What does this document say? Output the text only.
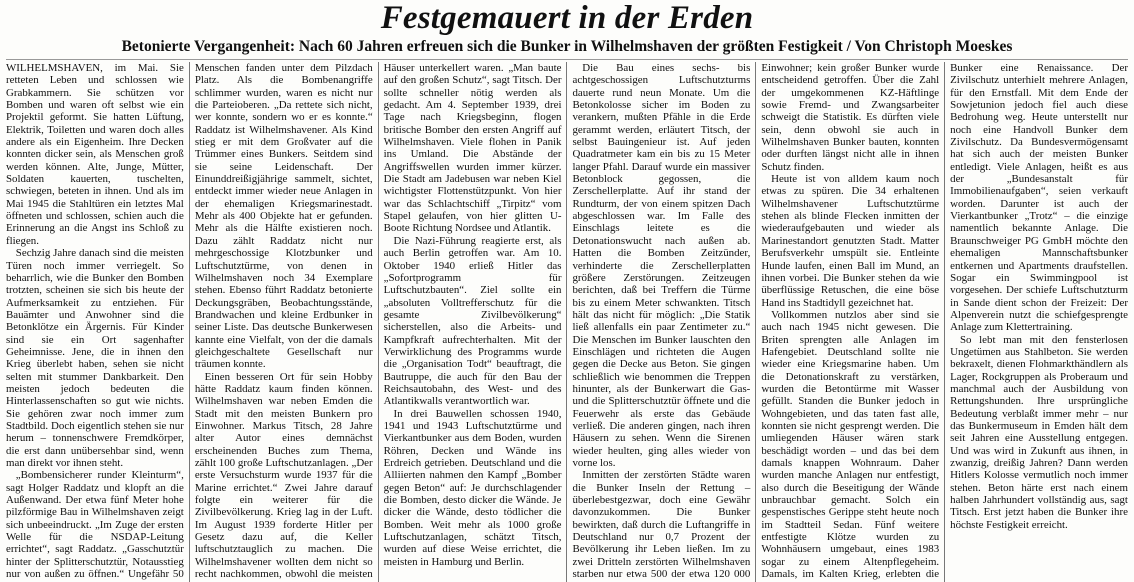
Festgemauert in der Erden
Betonierte Vergangenheit: Nach 60 Jahren erfreuen sich die Bunker in Wilhelmshaven der größten Festigkeit / Von Christoph Moeskes

WILHELMSHAVEN, im Mai. Sie retteten Leben und schlossen wie Grabkammern. Sie schützen vor Bomben und waren oft selbst wie ein Projektil geformt. Sie hatten Lüftung, Elektrik, Toiletten und waren doch alles andere als ein Eigenheim. Ihre Decken konnten dicker sein, als Menschen groß werden können. Alte, Junge, Mütter, Soldaten kauerten, tuschelten, schwiegen, beteten in ihnen. Und als im Mai 1945 die Stahltüren ein letztes Mal öffneten und schlossen, schien auch die Erinnerung an die Angst ins Schloß zu fliegen.

Sechzig Jahre danach sind die meisten Türen noch immer verriegelt. So beharrlich, wie die Bunker den Bomben trotzten, scheinen sie sich bis heute der Aufmerksamkeit zu entziehen. Für Bauämter und Anwohner sind die Betonklötze ein Ärgernis. Für Kinder sind sie ein Ort sagenhafter Geheimnisse. Jene, die in ihnen den Krieg überlebt haben, sehen sie nicht selten mit stummer Dankbarkeit. Den meisten jedoch bedeuten die Hinterlassenschaften so gut wie nichts. Sie gehören zwar noch immer zum Stadtbild. Doch eigentlich stehen sie nur herum – tonnenschwere Fremdkörper, die erst dann unübersehbar sind, wenn man direkt vor ihnen steht.

„Bombensicherer runder Kleinturm“, sagt Holger Raddatz und klopft an die Außenwand. Der etwa fünf Meter hohe pilzförmige Bau in Wilhelmshaven zeigt sich unbeeindruckt. „Im Zuge der ersten Welle für die NSDAP-Leitung errichtet“, sagt Raddatz. „Gasschutztür hinter der Splitterschutztür, Notausstieg nur von außen zu öffnen.“ Ungefähr 50 Menschen fanden unter dem Pilzdach Platz. Als die Bombenangriffe schlimmer wurden, waren es nicht nur die Parteioberen. „Da rettete sich nicht, wer konnte, sondern wo er es konnte.“ Raddatz ist Wilhelmshavener. Als Kind stieg er mit dem Großvater auf die Trümmer eines Bunkers. Seitdem sind sie seine Leidenschaft. Der Einunddreißigjährige sammelt, sichtet, entdeckt immer wieder neue Anlagen in der ehemaligen Kriegsmarinestadt. Mehr als 400 Objekte hat er gefunden. Mehr als die Hälfte existieren noch. Dazu zählt Raddatz nicht nur mehrgeschossige Klotzbunker und Luftschutztürme, von denen in Wilhelmshaven noch 34 Exemplare stehen. Ebenso führt Raddatz betonierte Deckungsgräben, Beobachtungsstände, Brandwachen und kleine Erdbunker in seiner Liste. Das deutsche Bunkerwesen kannte eine Vielfalt, von der die damals gleichgeschaltete Gesellschaft nur träumen konnte.

Einen besseren Ort für sein Hobby hätte Raddatz kaum finden können. Wilhelmshaven war neben Emden die Stadt mit den meisten Bunkern pro Einwohner. Markus Titsch, 28 Jahre alter Autor eines demnächst erscheinenden Buches zum Thema, zählt 100 große Luftschutzanlagen. „Der erste Versuchsturm wurde 1937 für die Marine errichtet.“ Zwei Jahre darauf folgte ein weiterer für die Zivilbevölkerung. Krieg lag in der Luft. Im August 1939 forderte Hitler per Gesetz dazu auf, die Keller luftschutztauglich zu machen. Die Wilhelmshavener wollten dem nicht so recht nachkommen, obwohl die meisten Häuser unterkellert waren. „Man baute auf den großen Schutz“, sagt Titsch. Der sollte schneller nötig werden als gedacht. Am 4. September 1939, drei Tage nach Kriegsbeginn, flogen britische Bomber den ersten Angriff auf Wilhelmshaven. Viele flohen in Panik ins Umland. Die Abstände der Angriffswellen wurden immer kürzer. Die Stadt am Jadebusen war neben Kiel wichtigster Flottenstützpunkt. Von hier war das Schlachtschiff „Tirpitz“ vom Stapel gelaufen, von hier glitten U-Boote Richtung Nordsee und Atlantik.

Die Nazi-Führung reagierte erst, als auch Berlin getroffen war. Am 10. Oktober 1940 erließ Hitler das „Sofortprogramm für Luftschutzbauten“. Ziel sollte ein „absoluten Volltrefferschutz für die gesamte Zivilbevölkerung“ sicherstellen, also die Arbeits- und Kampfkraft aufrechterhalten. Mit der Verwirklichung des Programms wurde die „Organisation Todt“ beauftragt, die Bautruppe, die auch für den Bau der Reichsautobahn, des West- und des Atlantikwalls verantwortlich war.

In drei Bauwellen schossen 1940, 1941 und 1943 Luftschutztürme und Vierkantbunker aus dem Boden, wurden Röhren, Decken und Wände ins Erdreich getrieben. Deutschland und die Alliierten nahmen den Kampf „Bomber gegen Beton“ auf: Je durchschlagender die Bomben, desto dicker die Wände. Je dicker die Wände, desto tödlicher die Bomben. Weit mehr als 1000 große Luftschutzanlagen, schätzt Titsch, wurden auf diese Weise errichtet, die meisten in Hamburg und Berlin.

Die Bau eines sechs- bis achtgeschossigen Luftschutzturms dauerte rund neun Monate. Um die Betonkolosse sicher im Boden zu verankern, mußten Pfähle in die Erde gerammt werden, erläutert Titsch, der selbst Bauingenieur ist. Auf jeden Quadratmeter kam ein bis zu 15 Meter langer Pfahl. Darauf wurde ein massiver Betonblock gegossen, die Zerschellerplatte. Auf ihr stand der Rundturm, der von einem spitzen Dach abgeschlossen war. Im Falle des Einschlags leitete es die Detonationswucht nach außen ab. Hatten die Bomben Zeitzünder, verhinderte die Zerschellerplatten größere Zerstörungen. Zeitzeugen berichten, daß bei Treffern die Türme bis zu einem Meter schwankten. Titsch hält das nicht für möglich: „Die Statik ließ allenfalls ein paar Zentimeter zu.“ Die Menschen im Bunker lauschten den Einschlägen und richteten die Augen gegen die Decke aus Beton. Sie gingen schließlich wie benommen die Treppen hinunter, als der Bunkerwart die Gas- und die Splitterschutztür öffnete und die Feuerwehr als erste das Gebäude verließ. Die anderen gingen, nach ihren Häusern zu sehen. Wenn die Sirenen wieder heulten, ging alles wieder von vorne los.

Inmitten der zerstörten Städte waren die Bunker Inseln der Rettung – überlebestgezwar, doch eine Gewähr davonzukommen. Die Bunker bewirkten, daß durch die Luftangriffe in Deutschland nur 0,7 Prozent der Bevölkerung ihr Leben ließen. Im zu zwei Dritteln zerstörten Wilhelmshaven starben nur etwa 500 der etwa 120 000 Einwohner; kein großer Bunker wurde entscheidend getroffen. Über die Zahl der umgekommenen KZ-Häftlinge sowie Fremd- und Zwangsarbeiter schweigt die Statistik. Es dürften viele sein, denn obwohl sie auch in Wilhelmshaven Bunker bauten, konnten oder durften längst nicht alle in ihnen Schutz finden.

Heute ist von alldem kaum noch etwas zu spüren. Die 34 erhaltenen Wilhelmshavener Luftschutztürme stehen als blinde Flecken inmitten der wiederaufgebauten und wieder als Marinestandort genutzten Stadt. Matter Berufsverkehr umspült sie. Entleinte Hunde laufen, einen Ball im Mund, an ihnen vorbei. Die Bunker stehen da wie überflüssige Retuschen, die eine böse Hand ins Stadtidyll gezeichnet hat.

Vollkommen nutzlos aber sind sie auch nach 1945 nicht gewesen. Die Briten sprengten alle Anlagen im Hafengebiet. Deutschland sollte nie wieder eine Kriegsmarine haben. Um die Detonationskraft zu verstärken, wurden die Betontürme mit Wasser gefüllt. Standen die Bunker jedoch in Wohngebieten, und das taten fast alle, konnten sie nicht gesprengt werden. Die umliegenden Häuser wären stark beschädigt worden – und das bei dem damals knappen Wohnraum. Daher wurden manche Anlagen nur entfestigt, also durch die Beseitigung der Wände unbrauchbar gemacht. Solch ein gespenstisches Gerippe steht heute noch im Stadtteil Sedan. Fünf weitere entfestigte Klötze wurden zu Wohnhäusern umgebaut, eines 1983 sogar zu einem Altenpflegeheim. Damals, im Kalten Krieg, erlebten die Bunker eine Renaissance. Der Zivilschutz unterhielt mehrere Anlagen, für den Ernstfall. Mit dem Ende der Sowjetunion jedoch fiel auch diese Bedrohung weg. Heute unterstellt nur noch eine Handvoll Bunker dem Zivilschutz. Da Bundesvermögensamt hat sich auch der meisten Bunker entledigt. Viele Anlagen, heißt es aus der „Bundesanstalt für Immobilienaufgaben“, seien verkauft worden. Darunter ist auch der Vierkantbunker „Trotz“ – die einzige namentlich bekannte Anlage. Die Braunschweiger PG GmbH möchte den ehemaligen Mannschaftsbunker entkernen und Apartments draufstellen. Sogar ein Swimmingpool ist vorgesehen. Der schiefe Luftschutzturm in Sande dient schon der Freizeit: Der Alpenverein nutzt die schiefgesprengte Anlage zum Klettertraining.

So lebt man mit den fensterlosen Ungetümen aus Stahlbeton. Sie werden bekraxelt, dienen Flohmarkthändlern als Lager, Rockgruppen als Proberaum und manchmal auch der Ausbildung von Rettungshunden. Ihre ursprüngliche Bedeutung verblaßt immer mehr – nur das Bunkermuseum in Emden hält dem seit Jahren eine Ausstellung entgegen. Und was wird in Zukunft aus ihnen, in zwanzig, dreißig Jahren? Dann werden Hitlers Kolosse vermutlich noch immer stehen. Beton härte erst nach einem halben Jahrhundert vollständig aus, sagt Titsch. Erst jetzt haben die Bunker ihre höchste Festigkeit erreicht.
